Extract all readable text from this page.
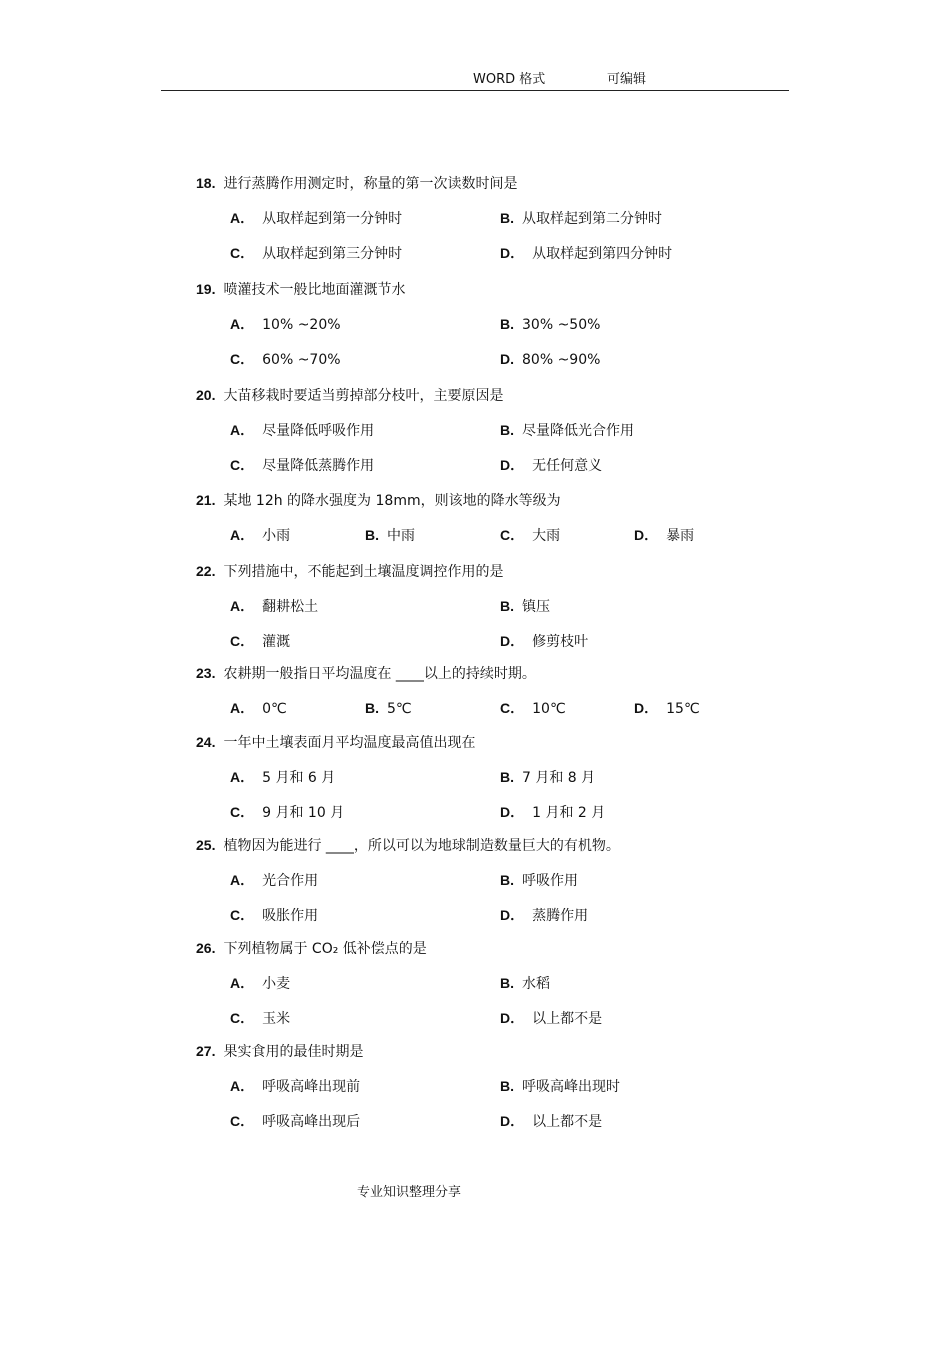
WORD 格式	可编辑
18. 进行蒸腾作用测定时，称量的第一次读数时间是
A． 从取样起到第一分钟时	B. 从取样起到第二分钟时
C． 从取样起到第三分钟时	D． 从取样起到第四分钟时
19. 喷灌技术一般比地面灌溉节水
A． 10% ~20%	B. 30% ~50%
C． 60% ~70%	D. 80% ~90%
20. 大苗移栽时要适当剪掉部分枝叶，主要原因是
A． 尽量降低呼吸作用	B. 尽量降低光合作用
C． 尽量降低蒸腾作用	D． 无任何意义
21. 某地 12h 的降水强度为 18mm，则该地的降水等级为
A． 小雨	B. 中雨	C． 大雨	D． 暴雨
22. 下列措施中，不能起到土壤温度调控作用的是
A． 翻耕松土	B. 镇压
C． 灌溉	D． 修剪枝叶
23. 农耕期一般指日平均温度在 ____以上的持续时期。
A． 0℃	B. 5℃	C． 10℃	D． 15℃
24. 一年中土壤表面月平均温度最高值出现在
A． 5 月和 6 月	B. 7 月和 8 月
C． 9 月和 10 月	D． 1 月和 2 月
25. 植物因为能进行 ____，所以可以为地球制造数量巨大的有机物。
A． 光合作用	B. 呼吸作用
C． 吸胀作用	D． 蒸腾作用
26. 下列植物属于 CO₂ 低补偿点的是
A． 小麦	B. 水稻
C． 玉米	D． 以上都不是
27. 果实食用的最佳时期是
A． 呼吸高峰出现前	B. 呼吸高峰出现时
C． 呼吸高峰出现后	D． 以上都不是
专业知识整理分享
